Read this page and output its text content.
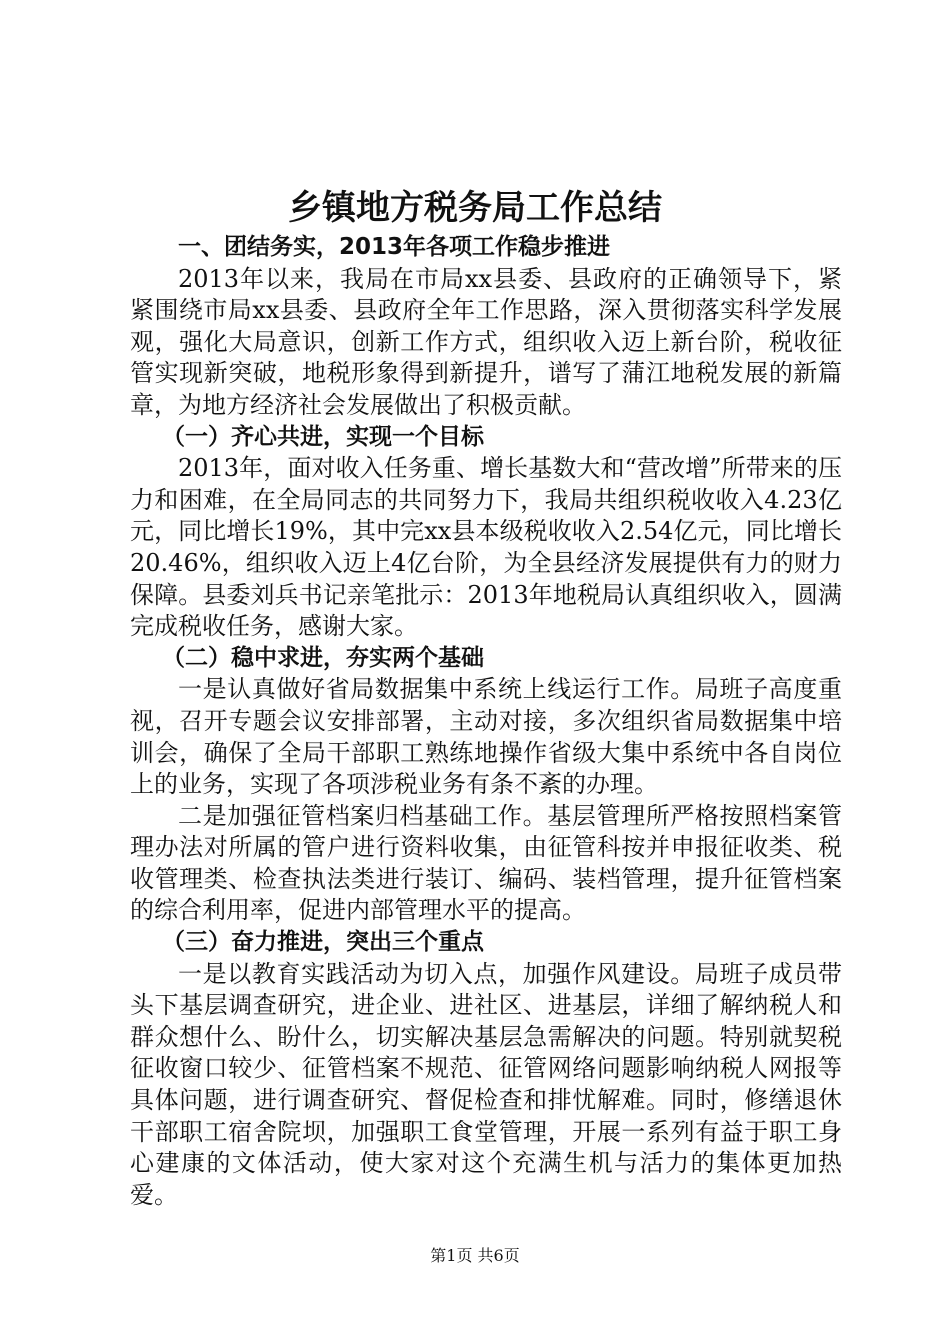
乡镇地方税务局工作总结
一、团结务实，2013年各项工作稳步推进

2013年以来，我局在市局xx县委、县政府的正确领导下，紧紧围绕市局xx县委、县政府全年工作思路，深入贯彻落实科学发展观，强化大局意识，创新工作方式，组织收入迈上新台阶，税收征管实现新突破，地税形象得到新提升，谱写了蒲江地税发展的新篇章，为地方经济社会发展做出了积极贡献。

（一）齐心共进，实现一个目标

2013年，面对收入任务重、增长基数大和“营改增”所带来的压力和困难，在全局同志的共同努力下，我局共组织税收收入4.23亿元，同比增长19%，其中完xx县本级税收收入2.54亿元，同比增长20.46%，组织收入迈上4亿台阶，为全县经济发展提供有力的财力保障。县委刘兵书记亲笔批示：2013年地税局认真组织收入，圆满完成税收任务，感谢大家。

（二）稳中求进，夯实两个基础

一是认真做好省局数据集中系统上线运行工作。局班子高度重视，召开专题会议安排部署，主动对接，多次组织省局数据集中培训会，确保了全局干部职工熟练地操作省级大集中系统中各自岗位上的业务，实现了各项涉税业务有条不紊的办理。

二是加强征管档案归档基础工作。基层管理所严格按照档案管理办法对所属的管户进行资料收集，由征管科按并申报征收类、税收管理类、检查执法类进行装订、编码、装档管理，提升征管档案的综合利用率，促进内部管理水平的提高。

（三）奋力推进，突出三个重点

一是以教育实践活动为切入点，加强作风建设。局班子成员带头下基层调查研究，进企业、进社区、进基层，详细了解纳税人和群众想什么、盼什么，切实解决基层急需解决的问题。特别就契税征收窗口较少、征管档案不规范、征管网络问题影响纳税人网报等具体问题，进行调查研究、督促检查和排忧解难。同时，修缮退休干部职工宿舍院坝，加强职工食堂管理，开展一系列有益于职工身心建康的文体活动，使大家对这个充满生机与活力的集体更加热爱。

第1页 共6页
